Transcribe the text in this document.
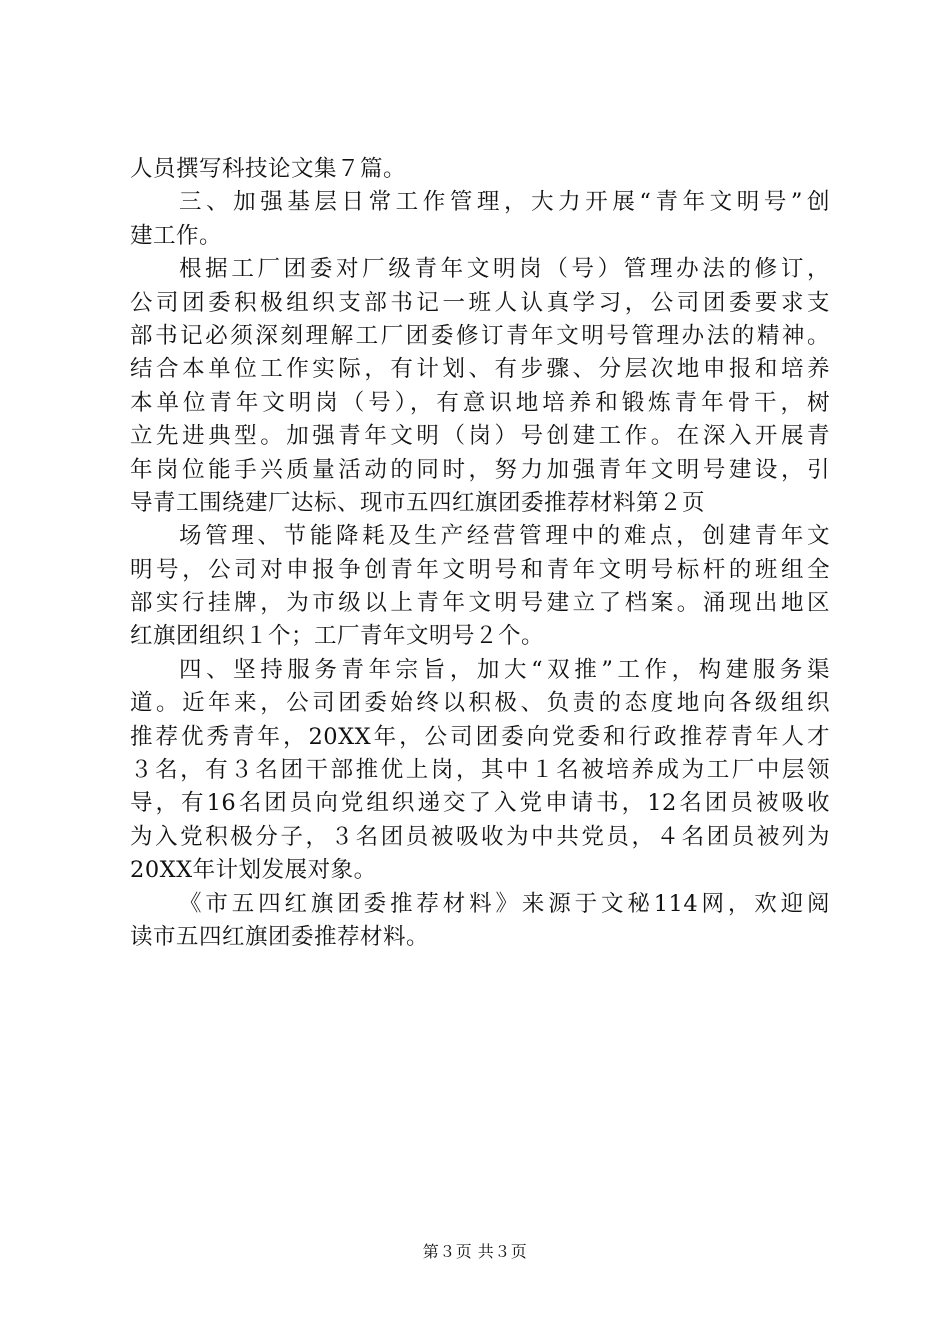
人员撰写科技论文集７篇。
三、加强基层日常工作管理，大力开展“青年文明号”创
建工作。
根据工厂团委对厂级青年文明岗（号）管理办法的修订，
公司团委积极组织支部书记一班人认真学习，公司团委要求支
部书记必须深刻理解工厂团委修订青年文明号管理办法的精神。
结合本单位工作实际，有计划、有步骤、分层次地申报和培养
本单位青年文明岗（号），有意识地培养和锻炼青年骨干，树
立先进典型。加强青年文明（岗）号创建工作。在深入开展青
年岗位能手兴质量活动的同时，努力加强青年文明号建设，引
导青工围绕建厂达标、现市五四红旗团委推荐材料第２页
场管理、节能降耗及生产经营管理中的难点，创建青年文
明号，公司对申报争创青年文明号和青年文明号标杆的班组全
部实行挂牌，为市级以上青年文明号建立了档案。涌现出地区
红旗团组织１个；工厂青年文明号２个。
四、坚持服务青年宗旨，加大“双推”工作，构建服务渠
道。近年来，公司团委始终以积极、负责的态度地向各级组织
推荐优秀青年，20XX年，公司团委向党委和行政推荐青年人才
３名，有３名团干部推优上岗，其中１名被培养成为工厂中层领
导，有16名团员向党组织递交了入党申请书，12名团员被吸收
为入党积极分子，３名团员被吸收为中共党员，４名团员被列为
20XX年计划发展对象。
《市五四红旗团委推荐材料》来源于文秘114网，欢迎阅
读市五四红旗团委推荐材料。
第３页 共３页
